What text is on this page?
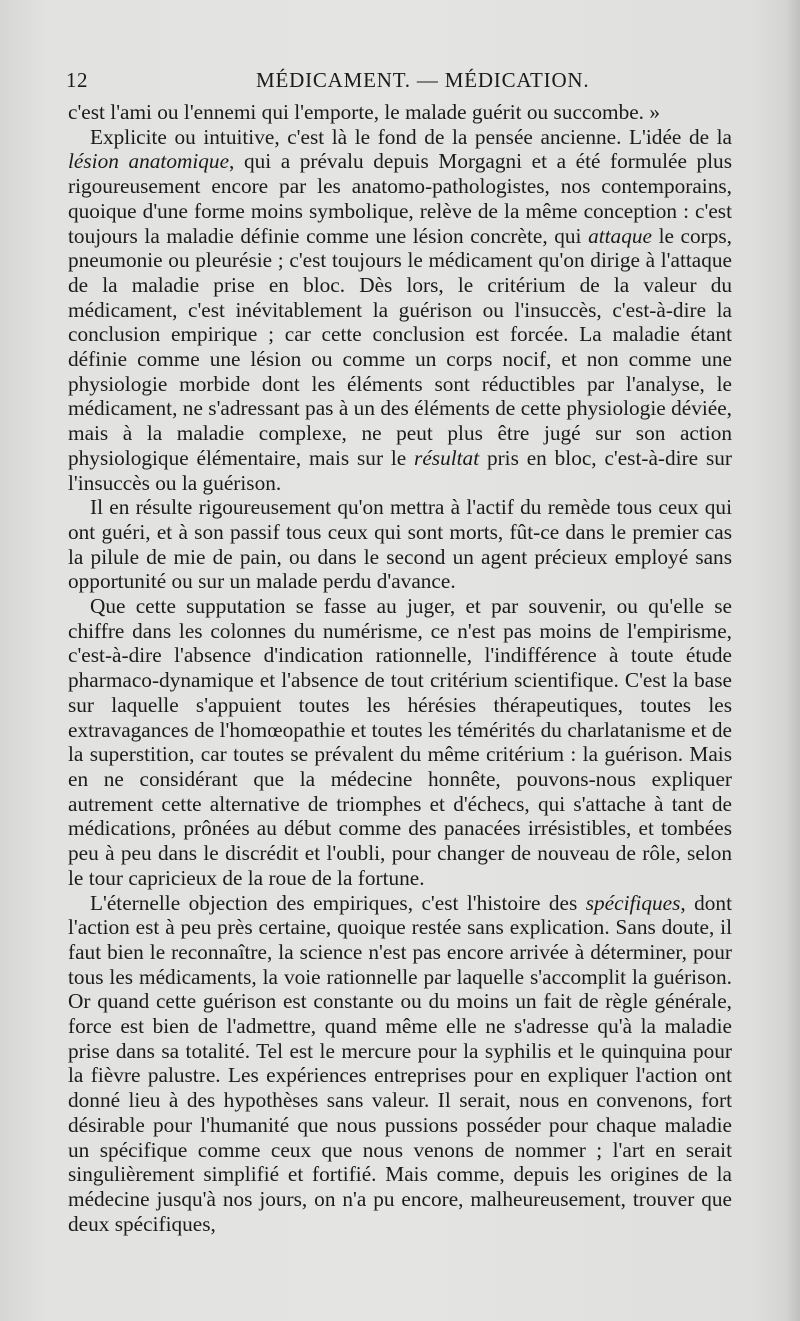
12	MÉDICAMENT. — MÉDICATION.

c'est l'ami ou l'ennemi qui l'emporte, le malade guérit ou succombe. »

Explicite ou intuitive, c'est là le fond de la pensée ancienne. L'idée de la lésion anatomique, qui a prévalu depuis Morgagni et a été formulée plus rigoureusement encore par les anatomo-pathologistes, nos contemporains, quoique d'une forme moins symbolique, relève de la même conception : c'est toujours la maladie définie comme une lésion concrète, qui attaque le corps, pneumonie ou pleurésie ; c'est toujours le médicament qu'on dirige à l'attaque de la maladie prise en bloc. Dès lors, le critérium de la valeur du médicament, c'est inévitablement la guérison ou l'insuccès, c'est-à-dire la conclusion empirique ; car cette conclusion est forcée. La maladie étant définie comme une lésion ou comme un corps nocif, et non comme une physiologie morbide dont les éléments sont réductibles par l'analyse, le médicament, ne s'adressant pas à un des éléments de cette physiologie déviée, mais à la maladie complexe, ne peut plus être jugé sur son action physiologique élémentaire, mais sur le résultat pris en bloc, c'est-à-dire sur l'insuccès ou la guérison.

Il en résulte rigoureusement qu'on mettra à l'actif du remède tous ceux qui ont guéri, et à son passif tous ceux qui sont morts, fût-ce dans le premier cas la pilule de mie de pain, ou dans le second un agent précieux employé sans opportunité ou sur un malade perdu d'avance.

Que cette supputation se fasse au juger, et par souvenir, ou qu'elle se chiffre dans les colonnes du numérisme, ce n'est pas moins de l'empirisme, c'est-à-dire l'absence d'indication rationnelle, l'indifférence à toute étude pharmaco-dynamique et l'absence de tout critérium scientifique. C'est la base sur laquelle s'appuient toutes les hérésies thérapeutiques, toutes les extravagances de l'homœopathie et toutes les témérités du charlatanisme et de la superstition, car toutes se prévalent du même critérium : la guérison. Mais en ne considérant que la médecine honnête, pouvons-nous expliquer autrement cette alternative de triomphes et d'échecs, qui s'attache à tant de médications, prônées au début comme des panacées irrésistibles, et tombées peu à peu dans le discrédit et l'oubli, pour changer de nouveau de rôle, selon le tour capricieux de la roue de la fortune.

L'éternelle objection des empiriques, c'est l'histoire des spécifiques, dont l'action est à peu près certaine, quoique restée sans explication. Sans doute, il faut bien le reconnaître, la science n'est pas encore arrivée à déterminer, pour tous les médicaments, la voie rationnelle par laquelle s'accomplit la guérison. Or quand cette guérison est constante ou du moins un fait de règle générale, force est bien de l'admettre, quand même elle ne s'adresse qu'à la maladie prise dans sa totalité. Tel est le mercure pour la syphilis et le quinquina pour la fièvre palustre. Les expériences entreprises pour en expliquer l'action ont donné lieu à des hypothèses sans valeur. Il serait, nous en convenons, fort désirable pour l'humanité que nous pussions posséder pour chaque maladie un spécifique comme ceux que nous venons de nommer ; l'art en serait singulièrement simplifié et fortifié. Mais comme, depuis les origines de la médecine jusqu'à nos jours, on n'a pu encore, malheureusement, trouver que deux spécifiques,
